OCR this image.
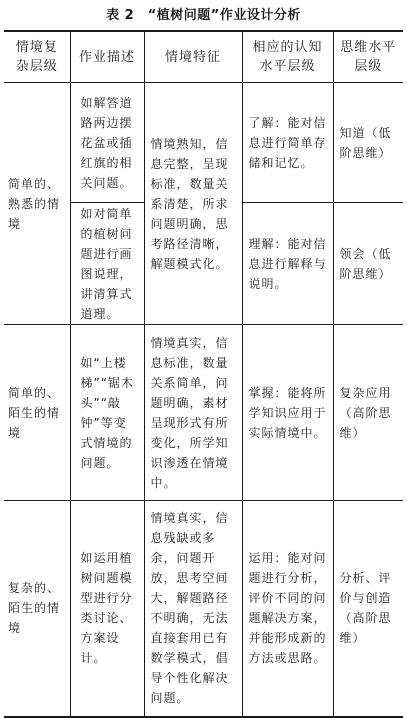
表 2　“植树问题”作业设计分析
情境复杂层级	作业描述	情境特征	相应的认知水平层级	思维水平层级
简单的、熟悉的情境	如解答道路两边摆花盆或插红旗的相关问题。	情境熟知，信息完整，呈现标准，数量关系清楚，所求问题明确，思考路径清晰，解题模式化。	了解：能对信息进行简单存储和记忆。	知道（低阶思维）
	如对简单的植树问题进行画图说理，讲清算式道理。		理解：能对信息进行解释与说明。	领会（低阶思维）
简单的、陌生的情境	如“上楼梯”“锯木头”“敲钟”等变式情境的问题。	情境真实，信息标准，数量关系简单，问题明确，素材呈现形式有所变化，所学知识渗透在情境中。	掌握：能将所学知识应用于实际情境中。	复杂应用（高阶思维）
复杂的、陌生的情境	如运用植树问题模型进行分类讨论、方案设计。	情境真实，信息残缺或多余，问题开放，思考空间大，解题路径不明确，无法直接套用已有数学模式，倡导个性化解决问题。	运用：能对问题进行分析，评价不同的问题解决方案，并能形成新的方法或思路。	分析、评价与创造（高阶思维）
